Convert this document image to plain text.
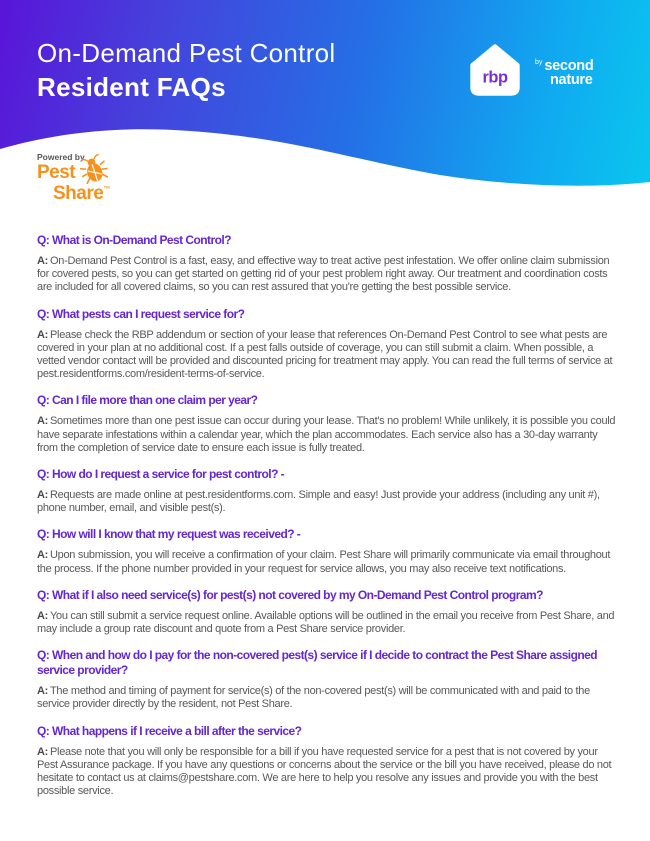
On-Demand Pest Control
Resident FAQs	rbp
$^{by}$ second
nature
Powered by
Pest
Share™
Q: What is On-Demand Pest Control?

A: On-Demand Pest Control is a fast, easy, and effective way to treat active pest infestation. We offer online claim submission for covered pests, so you can get started on getting rid of your pest problem right away. Our treatment and coordination costs are included for all covered claims, so you can rest assured that you're getting the best possible service.

Q: What pests can I request service for?

A: Please check the RBP addendum or section of your lease that references On-Demand Pest Control to see what pests are covered in your plan at no additional cost. If a pest falls outside of coverage, you can still submit a claim. When possible, a vetted vendor contact will be provided and discounted pricing for treatment may apply. You can read the full terms of service at pest.residentforms.com/resident-terms-of-service.

Q: Can I file more than one claim per year?

A: Sometimes more than one pest issue can occur during your lease. That's no problem! While unlikely, it is possible you could have separate infestations within a calendar year, which the plan accommodates. Each service also has a 30-day warranty from the completion of service date to ensure each issue is fully treated.

Q: How do I request a service for pest control? -

A: Requests are made online at pest.residentforms.com. Simple and easy! Just provide your address (including any unit #), phone number, email, and visible pest(s).

Q: How will I know that my request was received? -

A: Upon submission, you will receive a confirmation of your claim. Pest Share will primarily communicate via email throughout the process. If the phone number provided in your request for service allows, you may also receive text notifications.

Q: What if I also need service(s) for pest(s) not covered by my On-Demand Pest Control program?

A: You can still submit a service request online. Available options will be outlined in the email you receive from Pest Share, and may include a group rate discount and quote from a Pest Share service provider.

Q: When and how do I pay for the non-covered pest(s) service if I decide to contract the Pest Share assigned service provider?

A: The method and timing of payment for service(s) of the non-covered pest(s) will be communicated with and paid to the service provider directly by the resident, not Pest Share.

Q: What happens if I receive a bill after the service?

A: Please note that you will only be responsible for a bill if you have requested service for a pest that is not covered by your Pest Assurance package. If you have any questions or concerns about the service or the bill you have received, please do not hesitate to contact us at claims@pestshare.com. We are here to help you resolve any issues and provide you with the best possible service.
